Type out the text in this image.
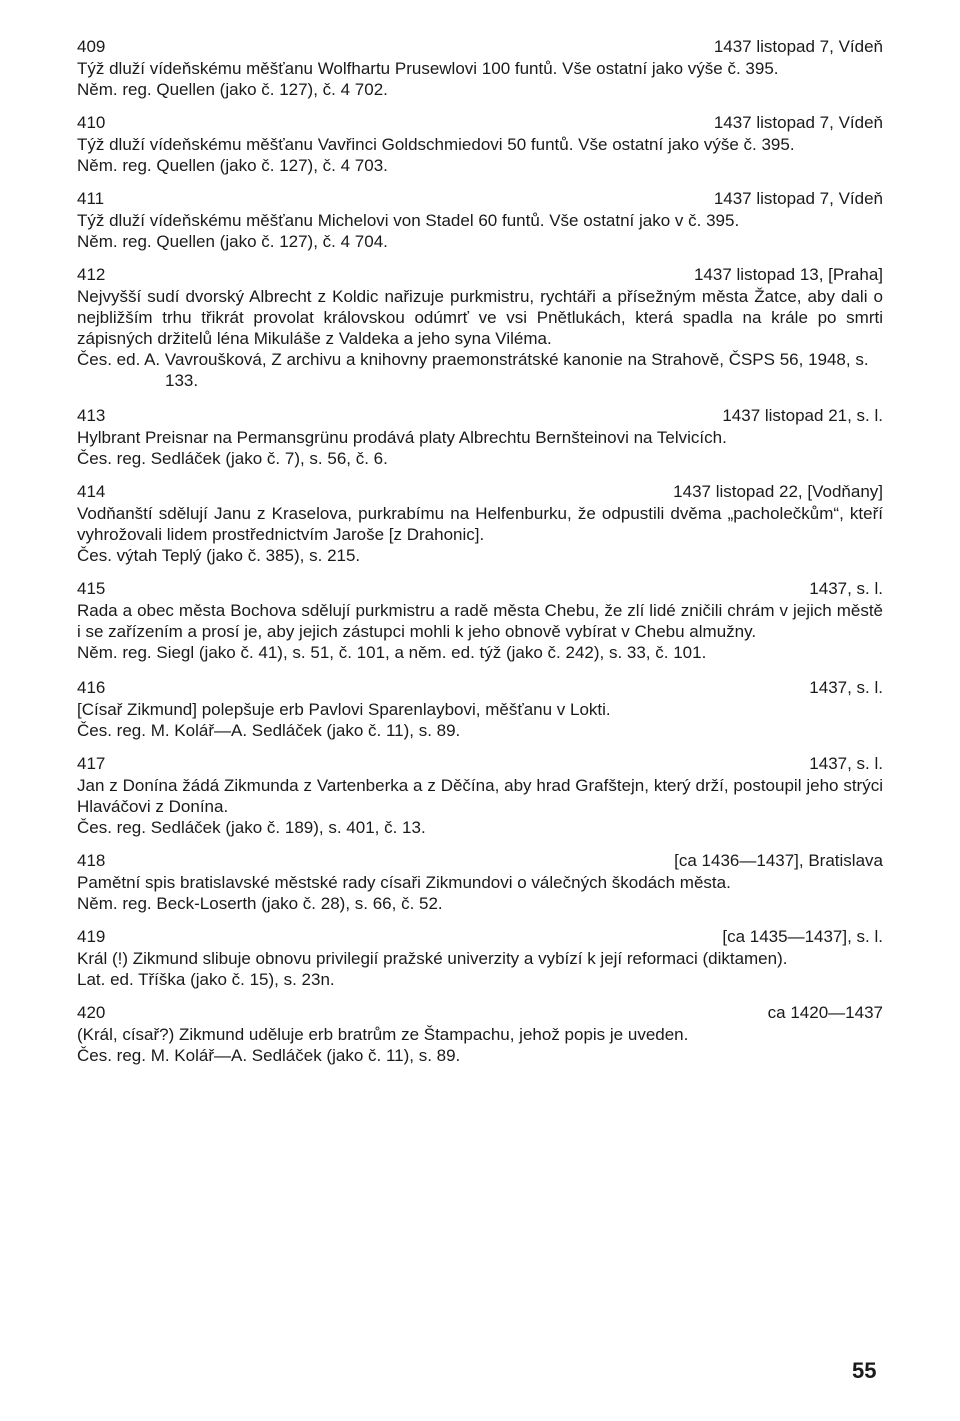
409	1437 listopad 7, Vídeň

Týž dluží vídeňskému měšťanu Wolfhartu Prusewlovi 100 funtů. Vše ostatní jako výše č. 395.

Něm. reg. Quellen (jako č. 127), č. 4 702.

410	1437 listopad 7, Vídeň

Týž dluží vídeňskému měšťanu Vavřinci Goldschmiedovi 50 funtů. Vše ostatní jako výše č. 395.

Něm. reg. Quellen (jako č. 127), č. 4 703.

411	1437 listopad 7, Vídeň

Týž dluží vídeňskému měšťanu Michelovi von Stadel 60 funtů. Vše ostatní jako v č. 395.

Něm. reg. Quellen (jako č. 127), č. 4 704.

412	1437 listopad 13, [Praha]

Nejvyšší sudí dvorský Albrecht z Koldic nařizuje purkmistru, rychtáři a přísežným města Žatce, aby dali o nejbližším trhu třikrát provolat královskou odúmrť ve vsi Pnětlukách, která spadla na krále po smrti zápisných držitelů léna Mikuláše z Valdeka a jeho syna Viléma.

Čes. ed. A. Vavroušková, Z archivu a knihovny praemonstrátské kanonie na Strahově, ČSPS 56, 1948, s. 133.

413	1437 listopad 21, s. l.

Hylbrant Preisnar na Permansgrünu prodává platy Albrechtu Bernšteinovi na Telvicích.

Čes. reg. Sedláček (jako č. 7), s. 56, č. 6.

414	1437 listopad 22, [Vodňany]

Vodňanští sdělují Janu z Kraselova, purkrabímu na Helfenburku, že odpustili dvěma „pacholečkům“, kteří vyhrožovali lidem prostřednictvím Jaroše [z Drahonic].

Čes. výtah Teplý (jako č. 385), s. 215.

415	1437, s. l.

Rada a obec města Bochova sdělují purkmistru a radě města Chebu, že zlí lidé zničili chrám v jejich městě i se zařízením a prosí je, aby jejich zástupci mohli k jeho obnově vybírat v Chebu almužny.

Něm. reg. Siegl (jako č. 41), s. 51, č. 101, a něm. ed. týž (jako č. 242), s. 33, č. 101.

416	1437, s. l.

[Císař Zikmund] polepšuje erb Pavlovi Sparenlaybovi, měšťanu v Lokti.

Čes. reg. M. Kolář—A. Sedláček (jako č. 11), s. 89.

417	1437, s. l.

Jan z Donína žádá Zikmunda z Vartenberka a z Děčína, aby hrad Grafštejn, který drží, postoupil jeho strýci Hlaváčovi z Donína.

Čes. reg. Sedláček (jako č. 189), s. 401, č. 13.

418	[ca 1436—1437], Bratislava

Pamětní spis bratislavské městské rady císaři Zikmundovi o válečných škodách města.

Něm. reg. Beck-Loserth (jako č. 28), s. 66, č. 52.

419	[ca 1435—1437], s. l.

Král (!) Zikmund slibuje obnovu privilegií pražské univerzity a vybízí k její reformaci (diktamen).

Lat. ed. Tříška (jako č. 15), s. 23n.

420	ca 1420—1437

(Král, císař?) Zikmund uděluje erb bratrům ze Štampachu, jehož popis je uveden.

Čes. reg. M. Kolář—A. Sedláček (jako č. 11), s. 89.

55
